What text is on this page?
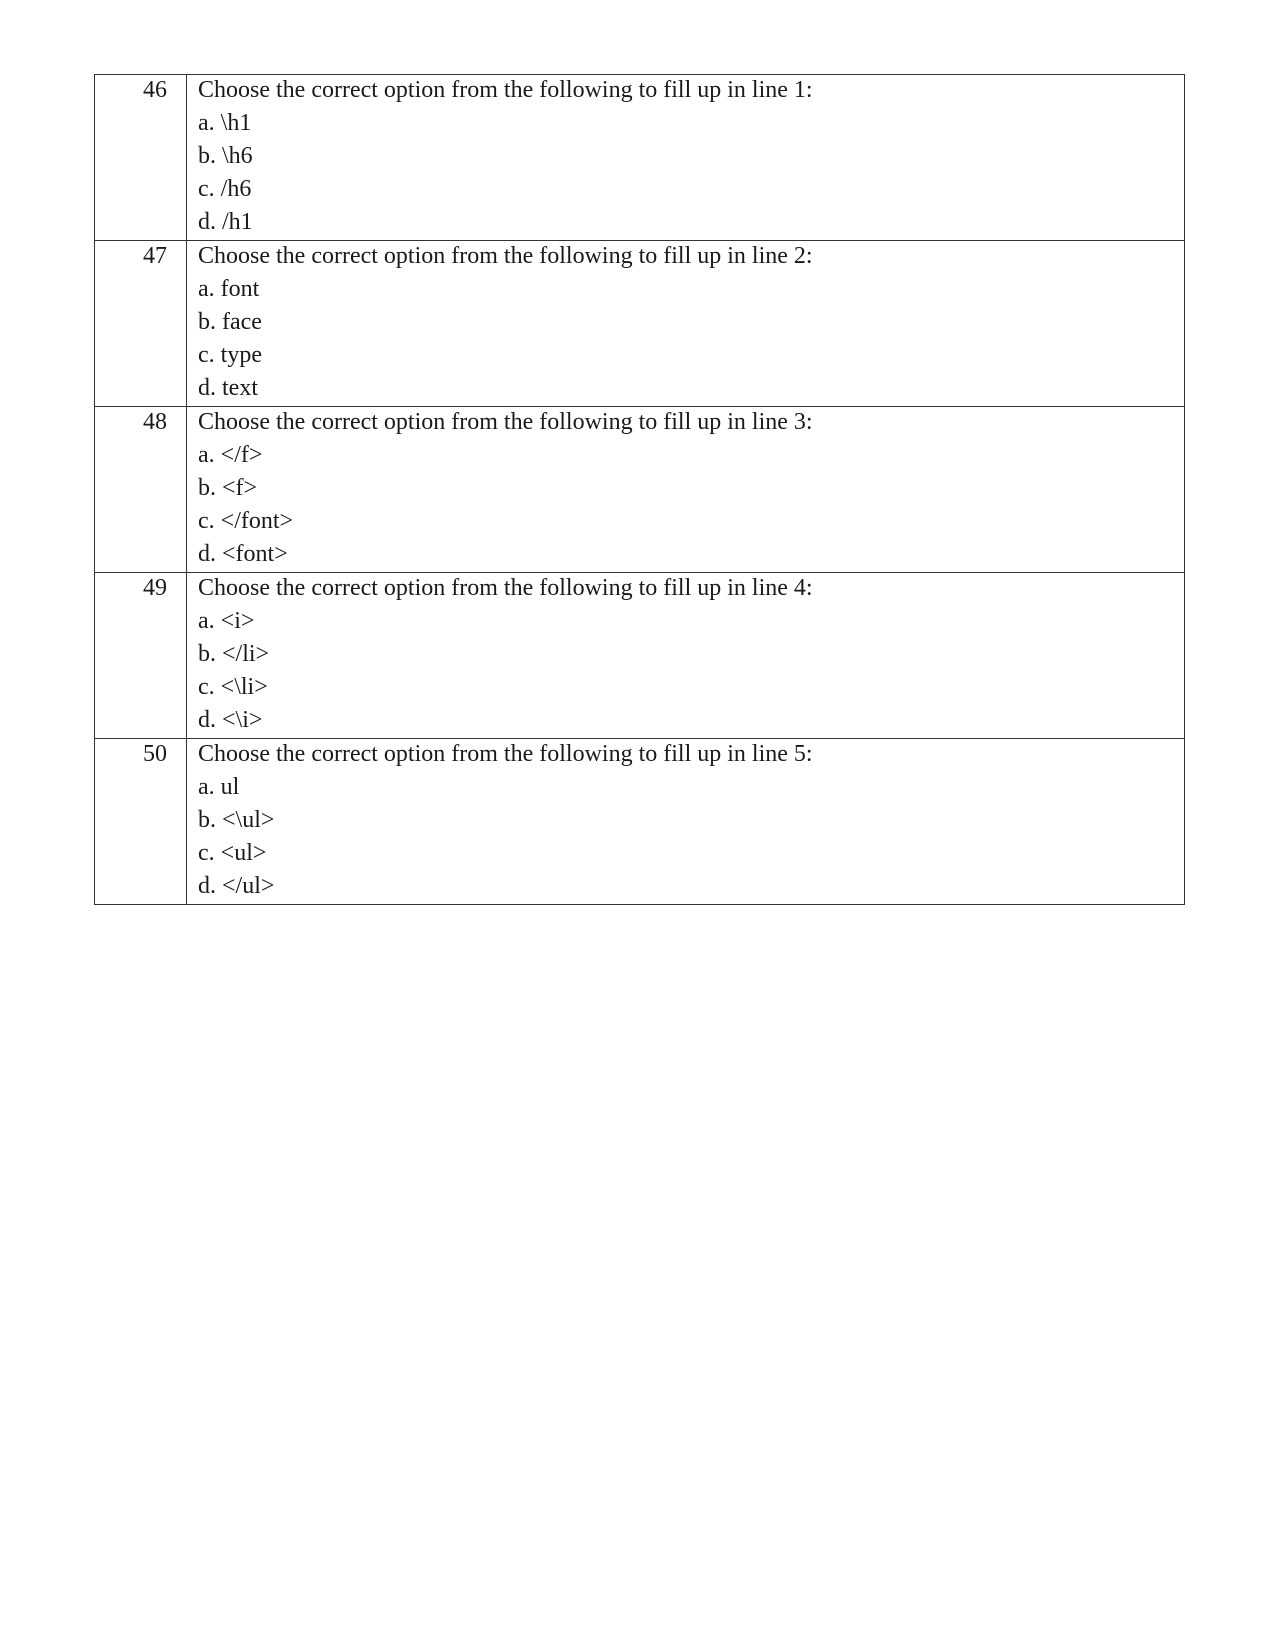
46	Choose the correct option from the following to fill up in line 1:
a. \h1
b. \h6
c. /h6
d. /h1

47	Choose the correct option from the following to fill up in line 2:
a. font
b. face
c. type
d. text

48	Choose the correct option from the following to fill up in line 3:
a. </f>
b. <f>
c. </font>
d. <font>

49	Choose the correct option from the following to fill up in line 4:
a. <i>
b. </li>
c. <\li>
d. <\i>

50	Choose the correct option from the following to fill up in line 5:
a. ul
b. <\ul>
c. <ul>
d. </ul>
